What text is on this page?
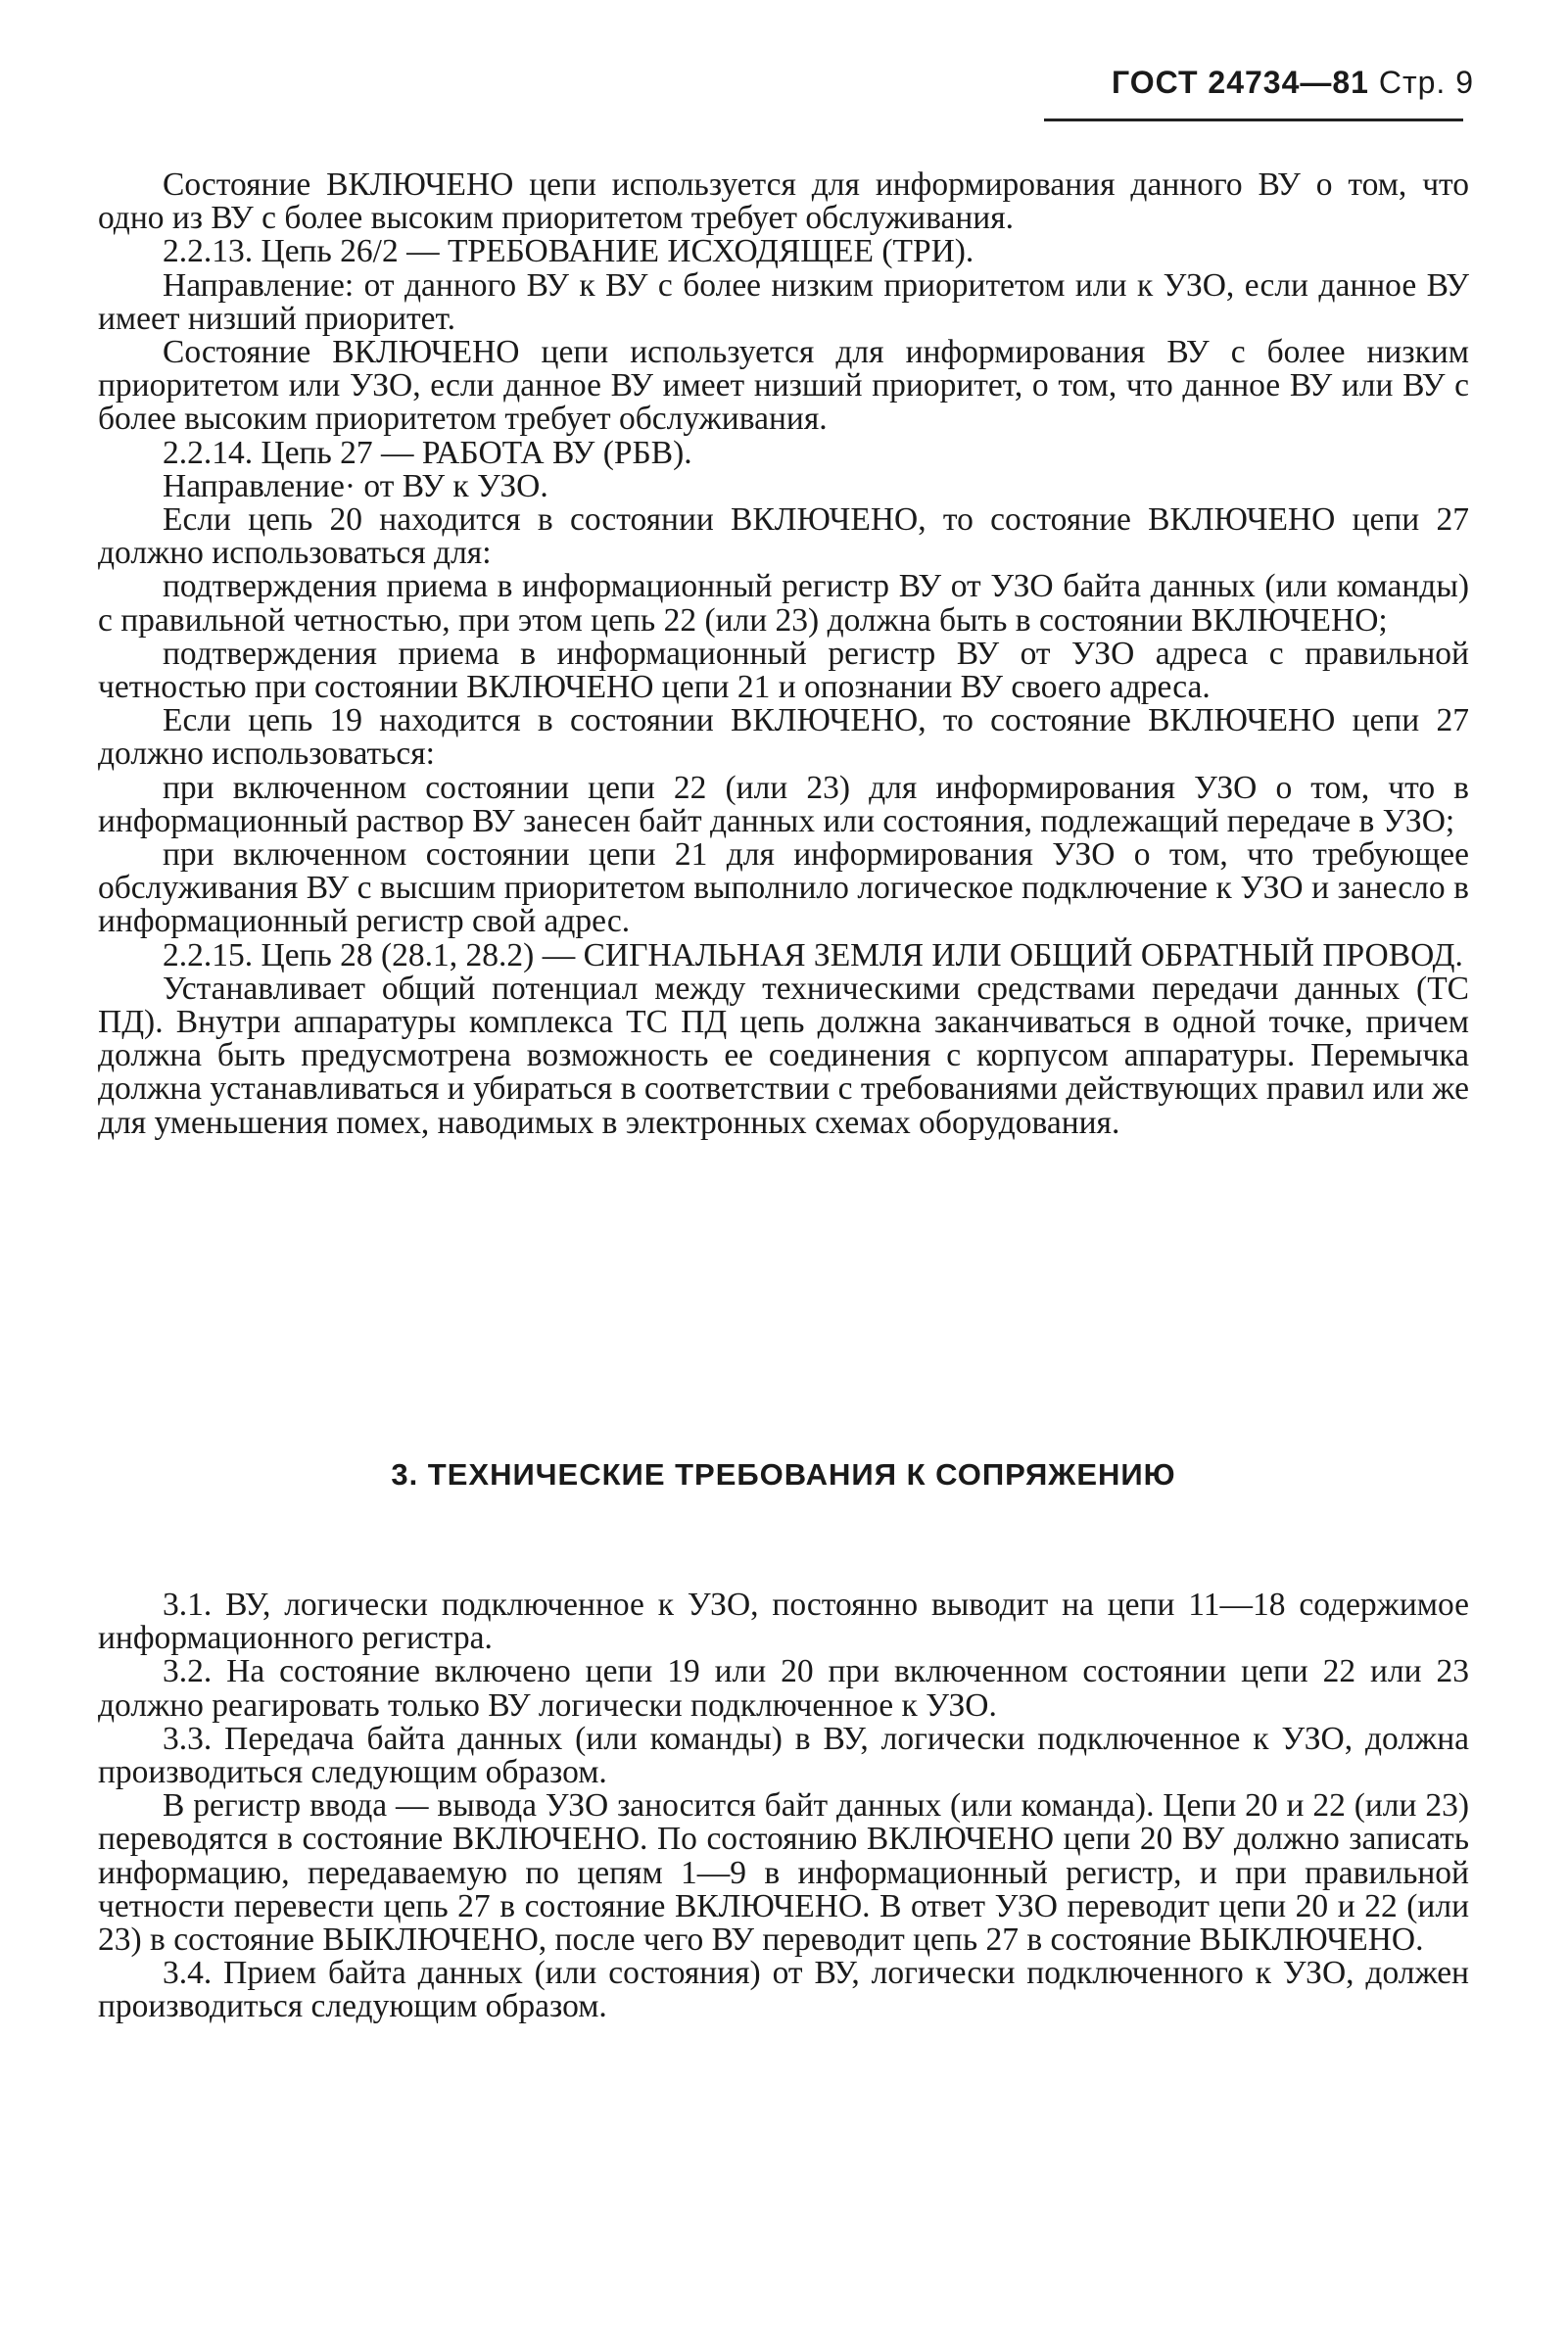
ГОСТ 24734—81 Стр. 9

Состояние ВКЛЮЧЕНО цепи используется для информирования данного ВУ о том, что одно из ВУ с более высоким приоритетом требует обслуживания.

2.2.13. Цепь 26/2 — ТРЕБОВАНИЕ ИСХОДЯЩЕЕ (ТРИ).

Направление: от данного ВУ к ВУ с более низким приоритетом или к УЗО, если данное ВУ имеет низший приоритет.

Состояние ВКЛЮЧЕНО цепи используется для информирования ВУ с более низким приоритетом или УЗО, если данное ВУ имеет низший приоритет, о том, что данное ВУ или ВУ с более высоким приоритетом требует обслуживания.

2.2.14. Цепь 27 — РАБОТА ВУ (РБВ).

Направление· от ВУ к УЗО.

Если цепь 20 находится в состоянии ВКЛЮЧЕНО, то состояние ВКЛЮЧЕНО цепи 27 должно использоваться для:

подтверждения приема в информационный регистр ВУ от УЗО байта данных (или команды) с правильной четностью, при этом цепь 22 (или 23) должна быть в состоянии ВКЛЮЧЕНО;

подтверждения приема в информационный регистр ВУ от УЗО адреса с правильной четностью при состоянии ВКЛЮЧЕНО цепи 21 и опознании ВУ своего адреса.

Если цепь 19 находится в состоянии ВКЛЮЧЕНО, то состояние ВКЛЮЧЕНО цепи 27 должно использоваться:

при включенном состоянии цепи 22 (или 23) для информирования УЗО о том, что в информационный раствор ВУ занесен байт данных или состояния, подлежащий передаче в УЗО;

при включенном состоянии цепи 21 для информирования УЗО о том, что требующее обслуживания ВУ с высшим приоритетом выполнило логическое подключение к УЗО и занесло в информационный регистр свой адрес.

2.2.15. Цепь 28 (28.1, 28.2) — СИГНАЛЬНАЯ ЗЕМЛЯ ИЛИ ОБЩИЙ ОБРАТНЫЙ ПРОВОД.

Устанавливает общий потенциал между техническими средствами передачи данных (ТС ПД). Внутри аппаратуры комплекса ТС ПД цепь должна заканчиваться в одной точке, причем должна быть предусмотрена возможность ее соединения с корпусом аппаратуры. Перемычка должна устанавливаться и убираться в соответствии с требованиями действующих правил или же для уменьшения помех, наводимых в электронных схемах оборудования.

3. ТЕХНИЧЕСКИЕ ТРЕБОВАНИЯ К СОПРЯЖЕНИЮ

3.1. ВУ, логически подключенное к УЗО, постоянно выводит на цепи 11—18 содержимое информационного регистра.

3.2. На состояние включено цепи 19 или 20 при включенном состоянии цепи 22 или 23 должно реагировать только ВУ логически подключенное к УЗО.

3.3. Передача байта данных (или команды) в ВУ, логически подключенное к УЗО, должна производиться следующим образом.

В регистр ввода — вывода УЗО заносится байт данных (или команда). Цепи 20 и 22 (или 23) переводятся в состояние ВКЛЮЧЕНО. По состоянию ВКЛЮЧЕНО цепи 20 ВУ должно записать информацию, передаваемую по цепям 1—9 в информационный регистр, и при правильной четности перевести цепь 27 в состояние ВКЛЮЧЕНО. В ответ УЗО переводит цепи 20 и 22 (или 23) в состояние ВЫКЛЮЧЕНО, после чего ВУ переводит цепь 27 в состояние ВЫКЛЮЧЕНО.

3.4. Прием байта данных (или состояния) от ВУ, логически подключенного к УЗО, должен производиться следующим образом.
